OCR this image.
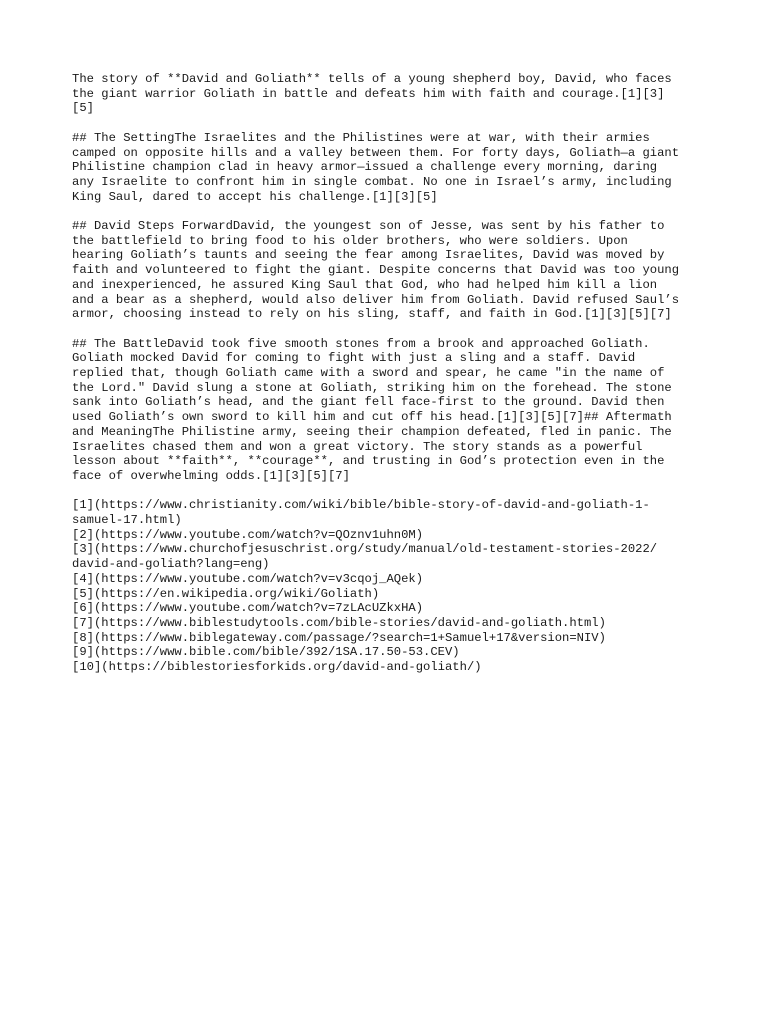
The story of **David and Goliath** tells of a young shepherd boy, David, who faces
the giant warrior Goliath in battle and defeats him with faith and courage.[1][3]
[5]
## The SettingThe Israelites and the Philistines were at war, with their armies
camped on opposite hills and a valley between them. For forty days, Goliath—a giant
Philistine champion clad in heavy armor—issued a challenge every morning, daring
any Israelite to confront him in single combat. No one in Israel’s army, including
King Saul, dared to accept his challenge.[1][3][5]
## David Steps ForwardDavid, the youngest son of Jesse, was sent by his father to
the battlefield to bring food to his older brothers, who were soldiers. Upon
hearing Goliath’s taunts and seeing the fear among Israelites, David was moved by
faith and volunteered to fight the giant. Despite concerns that David was too young
and inexperienced, he assured King Saul that God, who had helped him kill a lion
and a bear as a shepherd, would also deliver him from Goliath. David refused Saul’s
armor, choosing instead to rely on his sling, staff, and faith in God.[1][3][5][7]
## The BattleDavid took five smooth stones from a brook and approached Goliath.
Goliath mocked David for coming to fight with just a sling and a staff. David
replied that, though Goliath came with a sword and spear, he came "in the name of
the Lord." David slung a stone at Goliath, striking him on the forehead. The stone
sank into Goliath’s head, and the giant fell face-first to the ground. David then
used Goliath’s own sword to kill him and cut off his head.[1][3][5][7]## Aftermath
and MeaningThe Philistine army, seeing their champion defeated, fled in panic. The
Israelites chased them and won a great victory. The story stands as a powerful
lesson about **faith**, **courage**, and trusting in God’s protection even in the
face of overwhelming odds.[1][3][5][7]
[1](https://www.christianity.com/wiki/bible/bible-story-of-david-and-goliath-1-
samuel-17.html)
[2](https://www.youtube.com/watch?v=QOznv1uhn0M)
[3](https://www.churchofjesuschrist.org/study/manual/old-testament-stories-2022/
david-and-goliath?lang=eng)
[4](https://www.youtube.com/watch?v=v3cqoj_AQek)
[5](https://en.wikipedia.org/wiki/Goliath)
[6](https://www.youtube.com/watch?v=7zLAcUZkxHA)
[7](https://www.biblestudytools.com/bible-stories/david-and-goliath.html)
[8](https://www.biblegateway.com/passage/?search=1+Samuel+17&version=NIV)
[9](https://www.bible.com/bible/392/1SA.17.50-53.CEV)
[10](https://biblestoriesforkids.org/david-and-goliath/)
